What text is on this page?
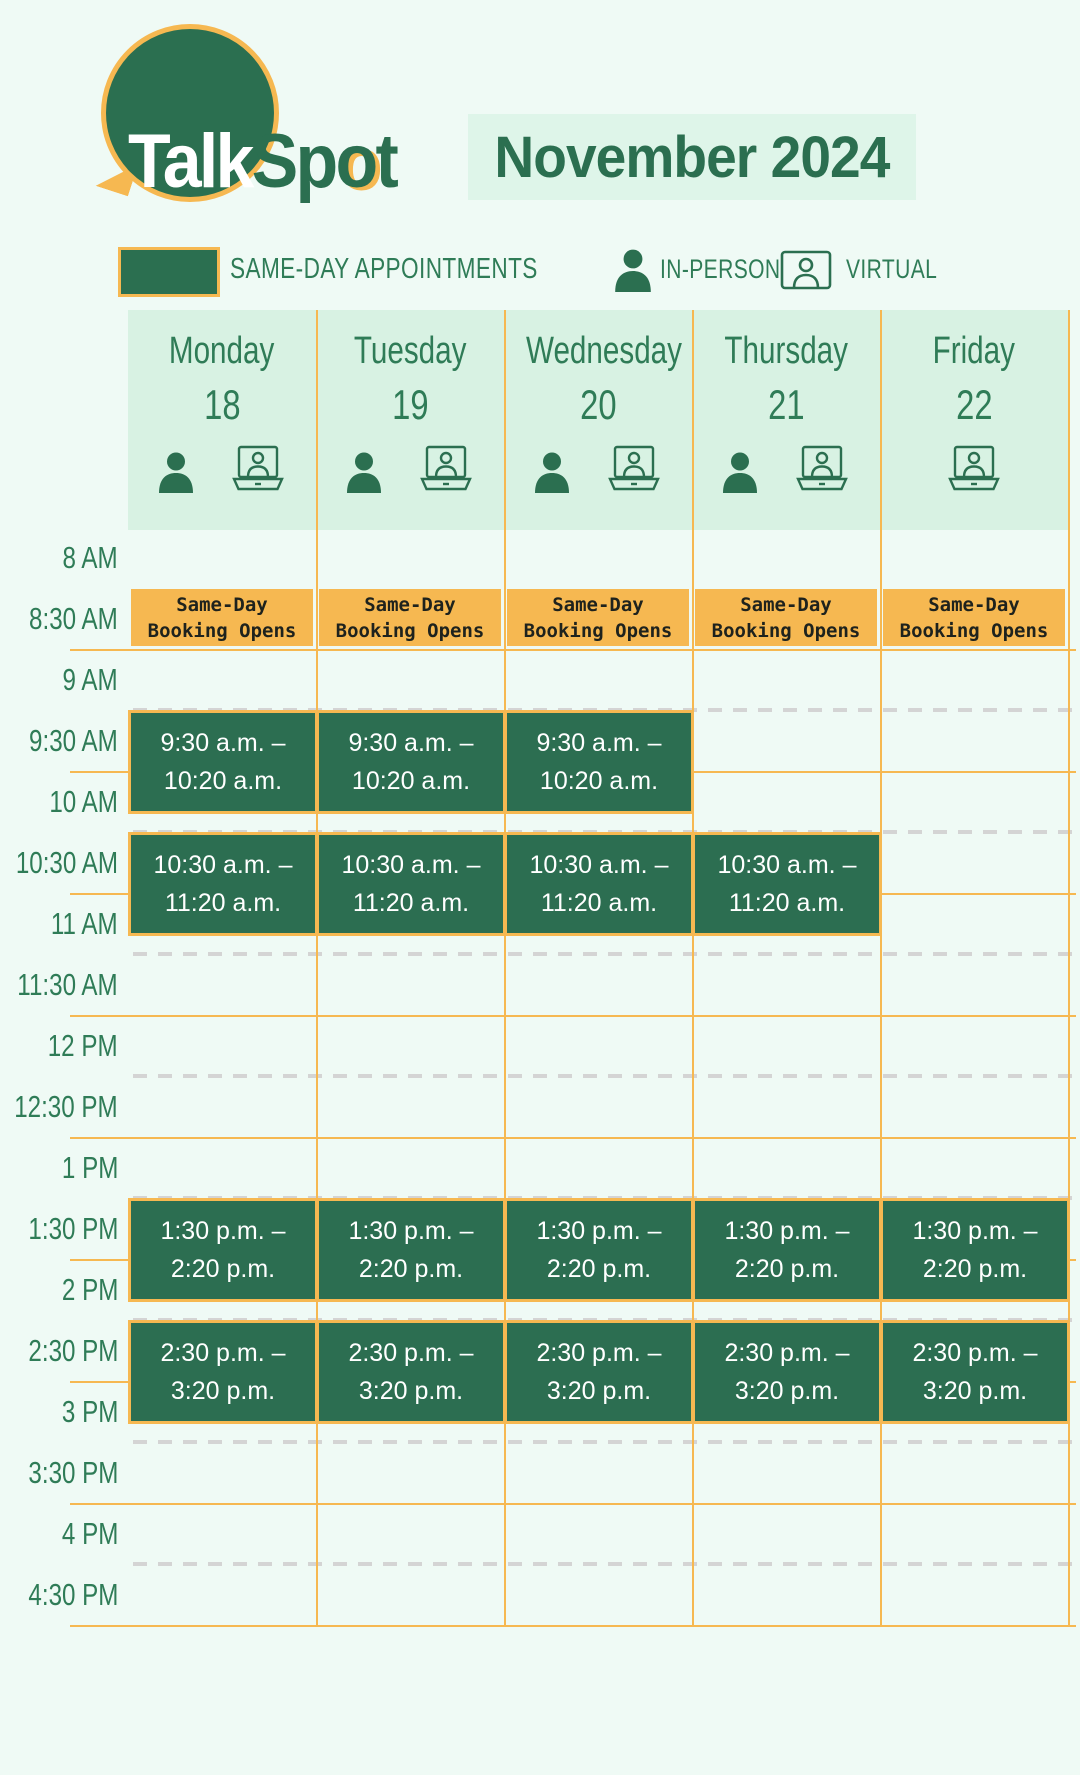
TalkSpot November 2024
SAME-DAY APPOINTMENTS	IN-PERSON VIRTUAL
Monday
18
Tuesday
19
Wednesday
20
Thursday
21
Friday
22
8 AM
8:30 AM
9 AM
9:30 AM
10 AM
10:30 AM
11 AM
11:30 AM
12 PM
12:30 PM
1 PM
1:30 PM
2 PM
2:30 PM
3 PM
3:30 PM
4 PM
4:30 PM
Same-Day
Booking Opens
Same-Day
Booking Opens
Same-Day
Booking Opens
Same-Day
Booking Opens
Same-Day
Booking Opens
9:30 a.m. –
10:20 a.m.
9:30 a.m. –
10:20 a.m.
9:30 a.m. –
10:20 a.m.
10:30 a.m. –
11:20 a.m.
10:30 a.m. –
11:20 a.m.
10:30 a.m. –
11:20 a.m.
10:30 a.m. –
11:20 a.m.
1:30 p.m. –
2:20 p.m.
1:30 p.m. –
2:20 p.m.
1:30 p.m. –
2:20 p.m.
1:30 p.m. –
2:20 p.m.
1:30 p.m. –
2:20 p.m.
2:30 p.m. –
3:20 p.m.
2:30 p.m. –
3:20 p.m.
2:30 p.m. –
3:20 p.m.
2:30 p.m. –
3:20 p.m.
2:30 p.m. –
3:20 p.m.
